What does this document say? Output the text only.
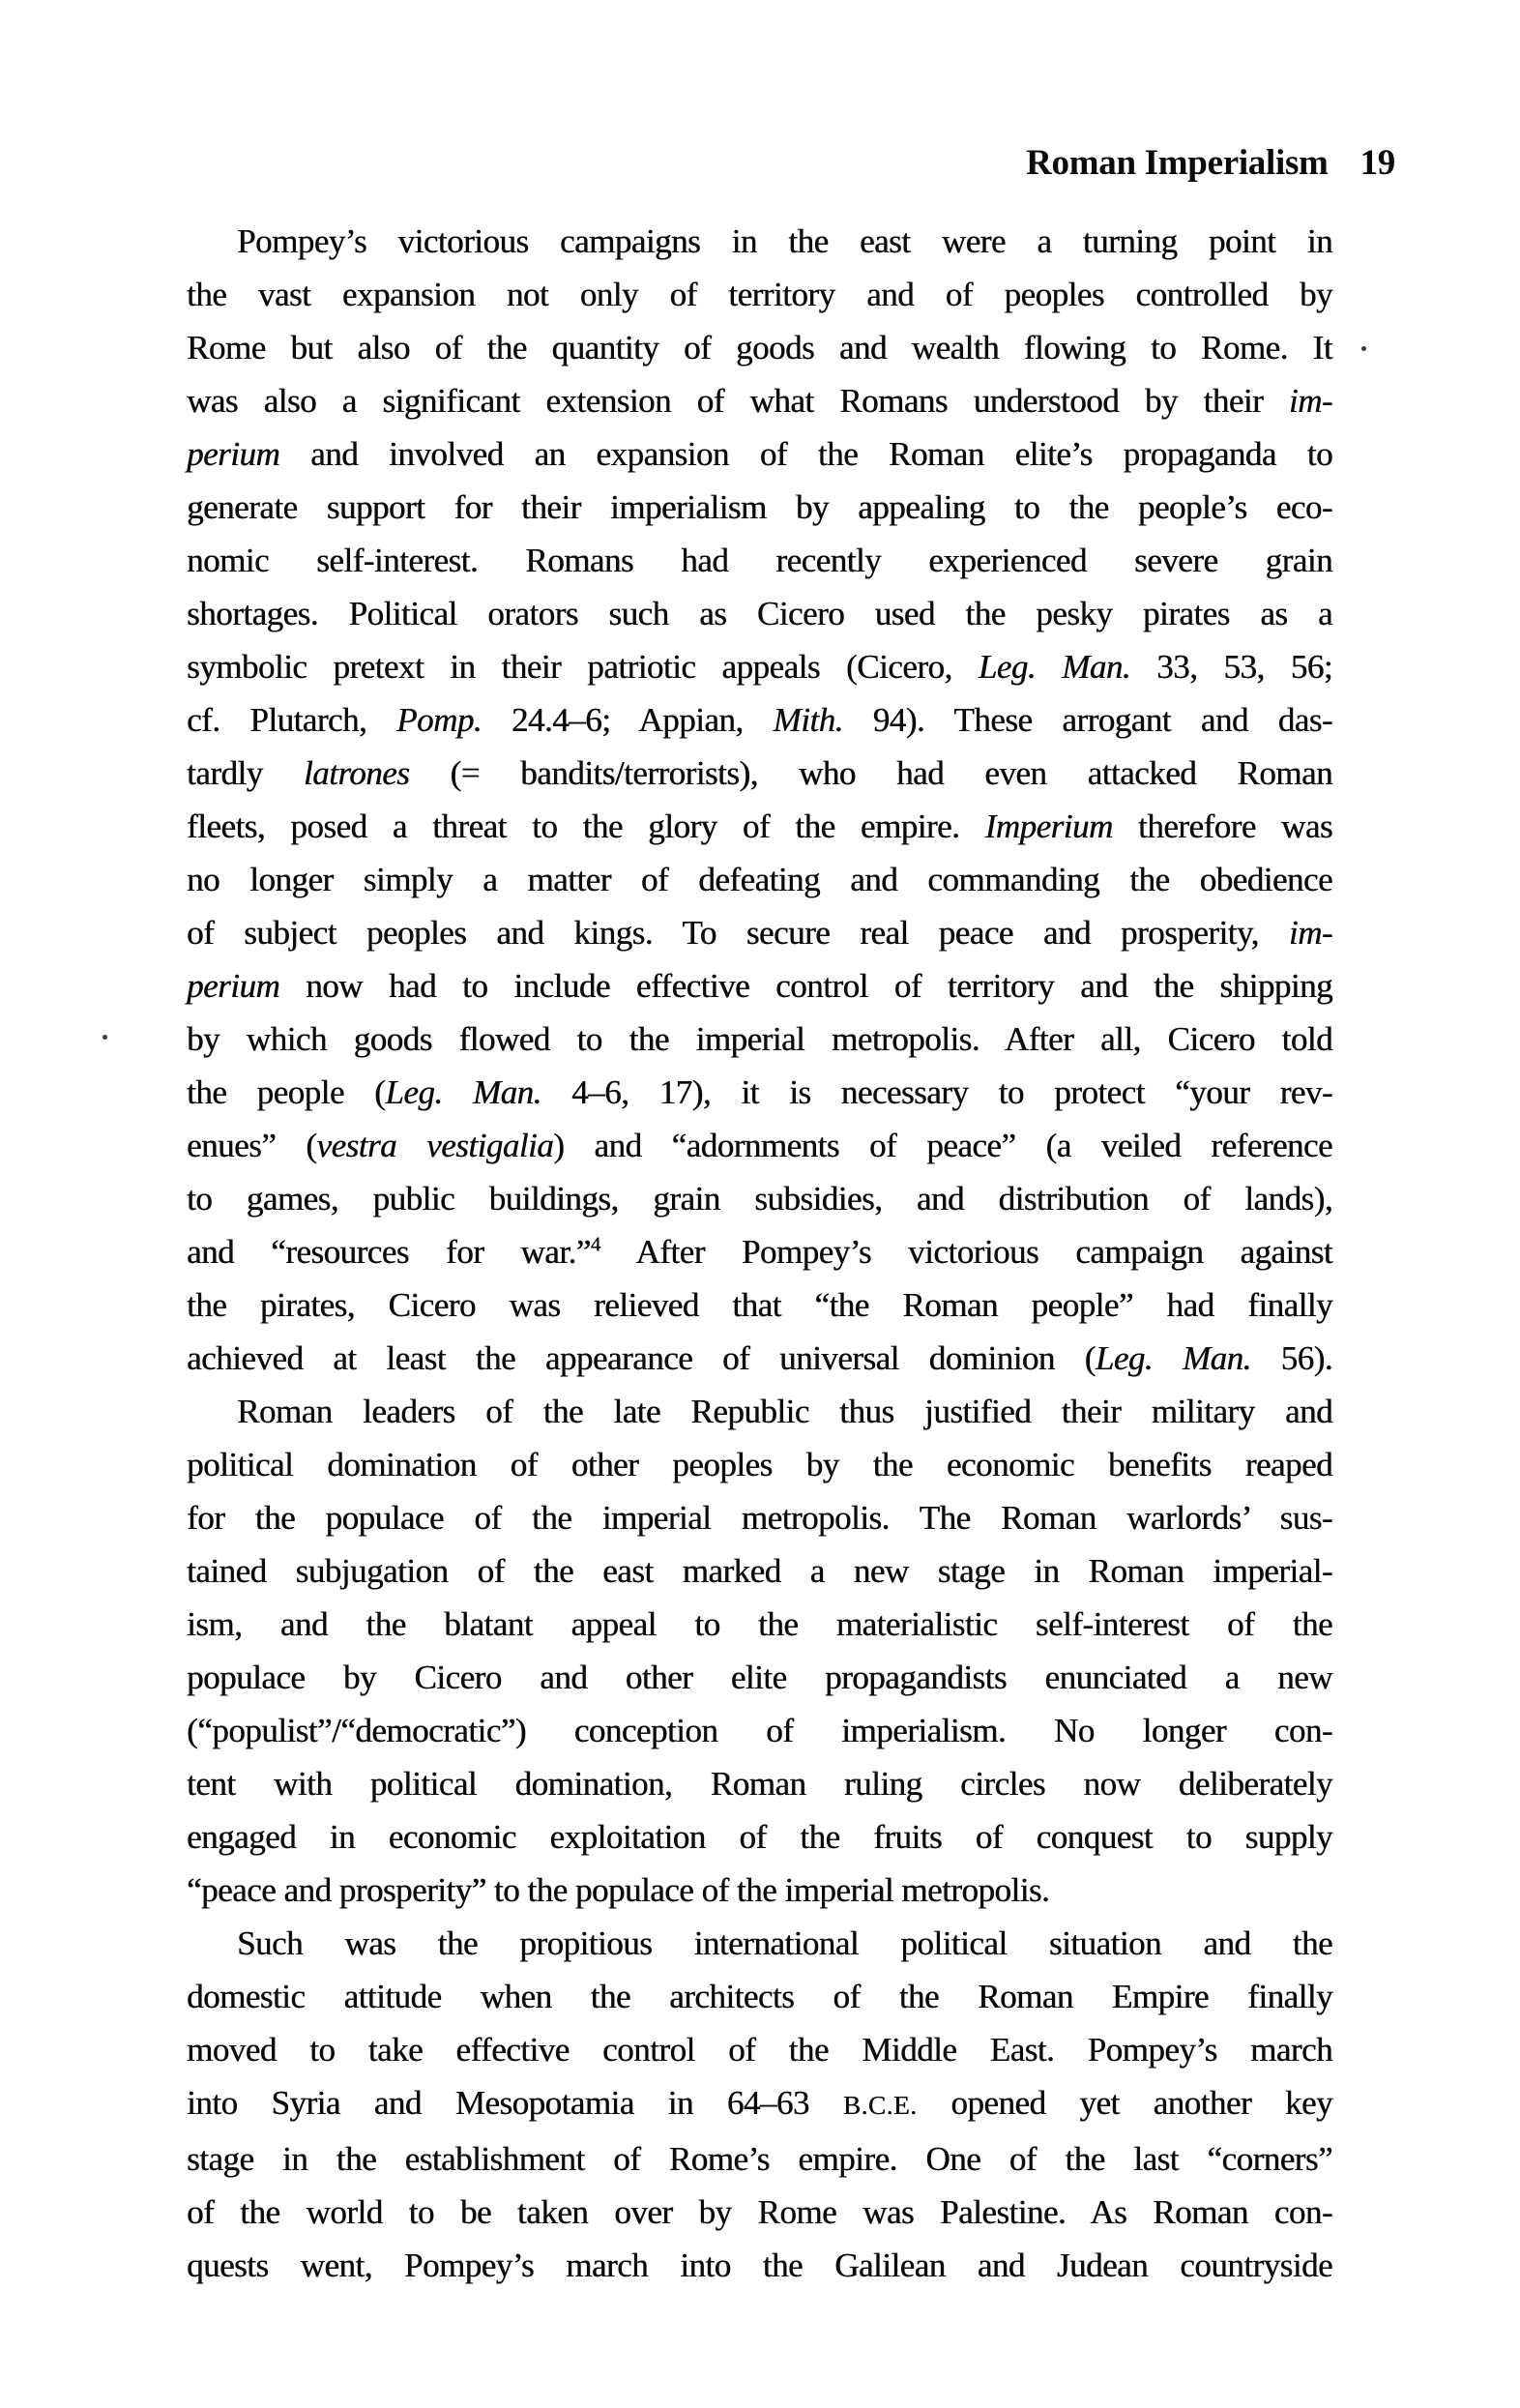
Roman Imperialism 19
Pompey’s victorious campaigns in the east were a turning point in
the vast expansion not only of territory and of peoples controlled by
Rome but also of the quantity of goods and wealth flowing to Rome. It
was also a significant extension of what Romans understood by their im-
perium and involved an expansion of the Roman elite’s propaganda to
generate support for their imperialism by appealing to the people’s eco-
nomic self-interest. Romans had recently experienced severe grain
shortages. Political orators such as Cicero used the pesky pirates as a
symbolic pretext in their patriotic appeals (Cicero, Leg. Man. 33, 53, 56;
cf. Plutarch, Pomp. 24.4–6; Appian, Mith. 94). These arrogant and das-
tardly latrones (= bandits/terrorists), who had even attacked Roman
fleets, posed a threat to the glory of the empire. Imperium therefore was
no longer simply a matter of defeating and commanding the obedience
of subject peoples and kings. To secure real peace and prosperity, im-
perium now had to include effective control of territory and the shipping
by which goods flowed to the imperial metropolis. After all, Cicero told
the people (Leg. Man. 4–6, 17), it is necessary to protect “your rev-
enues” (vestra vestigalia) and “adornments of peace” (a veiled reference
to games, public buildings, grain subsidies, and distribution of lands),
and “resources for war.”$^4$ After Pompey’s victorious campaign against
the pirates, Cicero was relieved that “the Roman people” had finally
achieved at least the appearance of universal dominion (Leg. Man. 56).
Roman leaders of the late Republic thus justified their military and
political domination of other peoples by the economic benefits reaped
for the populace of the imperial metropolis. The Roman warlords’ sus-
tained subjugation of the east marked a new stage in Roman imperial-
ism, and the blatant appeal to the materialistic self-interest of the
populace by Cicero and other elite propagandists enunciated a new
(“populist”/“democratic”) conception of imperialism. No longer con-
tent with political domination, Roman ruling circles now deliberately
engaged in economic exploitation of the fruits of conquest to supply
“peace and prosperity” to the populace of the imperial metropolis.
Such was the propitious international political situation and the
domestic attitude when the architects of the Roman Empire finally
moved to take effective control of the Middle East. Pompey’s march
into Syria and Mesopotamia in 64–63 B.C.E. opened yet another key
stage in the establishment of Rome’s empire. One of the last “corners”
of the world to be taken over by Rome was Palestine. As Roman con-
quests went, Pompey’s march into the Galilean and Judean countryside
